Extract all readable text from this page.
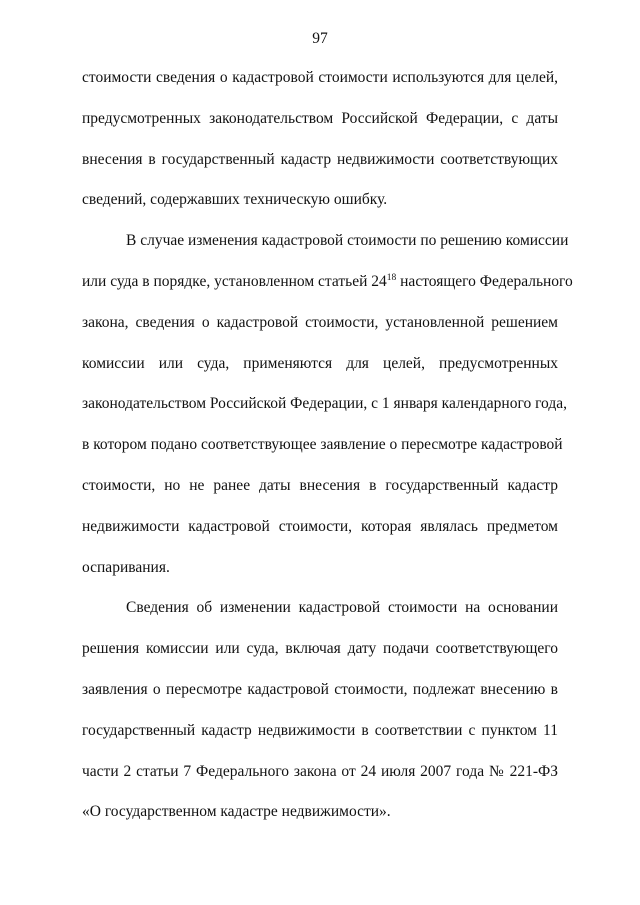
97
стоимости сведения о кадастровой стоимости используются для целей,
предусмотренных законодательством Российской Федерации, с даты
внесения в государственный кадастр недвижимости соответствующих
сведений, содержавших техническую ошибку.
В случае изменения кадастровой стоимости по решению комиссии
или суда в порядке, установленном статьей $24^{18}$ настоящего Федерального
закона, сведения о кадастровой стоимости, установленной решением
комиссии или суда, применяются для целей, предусмотренных
законодательством Российской Федерации, с 1 января календарного года,
в котором подано соответствующее заявление о пересмотре кадастровой
стоимости, но не ранее даты внесения в государственный кадастр
недвижимости кадастровой стоимости, которая являлась предметом
оспаривания.
Сведения об изменении кадастровой стоимости на основании
решения комиссии или суда, включая дату подачи соответствующего
заявления о пересмотре кадастровой стоимости, подлежат внесению в
государственный кадастр недвижимости в соответствии с пунктом 11
части 2 статьи 7 Федерального закона от 24 июля 2007 года № 221-ФЗ
«О государственном кадастре недвижимости».
